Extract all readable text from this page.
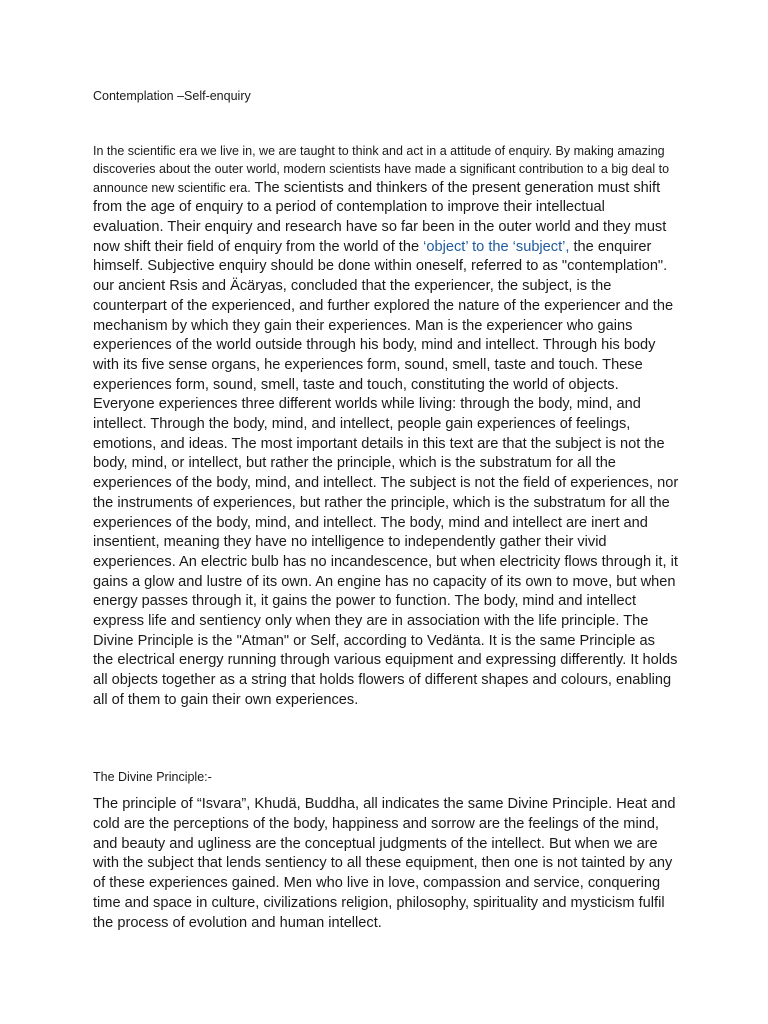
Contemplation –Self-enquiry

In the scientific era we live in, we are taught to think and act in a attitude of enquiry. By making amazing discoveries about the outer world, modern scientists have made a significant contribution to a big deal to announce new scientific era. The scientists and thinkers of the present generation must shift from the age of enquiry to a period of contemplation to improve their intellectual evaluation. Their enquiry and research have so far been in the outer world and they must now shift their field of enquiry from the world of the ‘object’ to the ‘subject’, the enquirer himself. Subjective enquiry should be done within oneself, referred to as "contemplation". our ancient Rsis and Äcäryas, concluded that the experiencer, the subject, is the counterpart of the experienced, and further explored the nature of the experiencer and the mechanism by which they gain their experiences. Man is the experiencer who gains experiences of the world outside through his body, mind and intellect. Through his body with its five sense organs, he experiences form, sound, smell, taste and touch. These experiences form, sound, smell, taste and touch, constituting the world of objects. Everyone experiences three different worlds while living: through the body, mind, and intellect. Through the body, mind, and intellect, people gain experiences of feelings, emotions, and ideas. The most important details in this text are that the subject is not the body, mind, or intellect, but rather the principle, which is the substratum for all the experiences of the body, mind, and intellect. The subject is not the field of experiences, nor the instruments of experiences, but rather the principle, which is the substratum for all the experiences of the body, mind, and intellect. The body, mind and intellect are inert and insentient, meaning they have no intelligence to independently gather their vivid experiences. An electric bulb has no incandescence, but when electricity flows through it, it gains a glow and lustre of its own. An engine has no capacity of its own to move, but when energy passes through it, it gains the power to function. The body, mind and intellect express life and sentiency only when they are in association with the life principle. The Divine Principle is the "Atman" or Self, according to Vedänta. It is the same Principle as the electrical energy running through various equipment and expressing differently. It holds all objects together as a string that holds flowers of different shapes and colours, enabling all of them to gain their own experiences.

The Divine Principle:-

The principle of “Isvara”, Khudä, Buddha, all indicates the same Divine Principle. Heat and cold are the perceptions of the body, happiness and sorrow are the feelings of the mind, and beauty and ugliness are the conceptual judgments of the intellect. But when we are with the subject that lends sentiency to all these equipment, then one is not tainted by any of these experiences gained. Men who live in love, compassion and service, conquering time and space in culture, civilizations religion, philosophy, spirituality and mysticism fulfil the process of evolution and human intellect.
